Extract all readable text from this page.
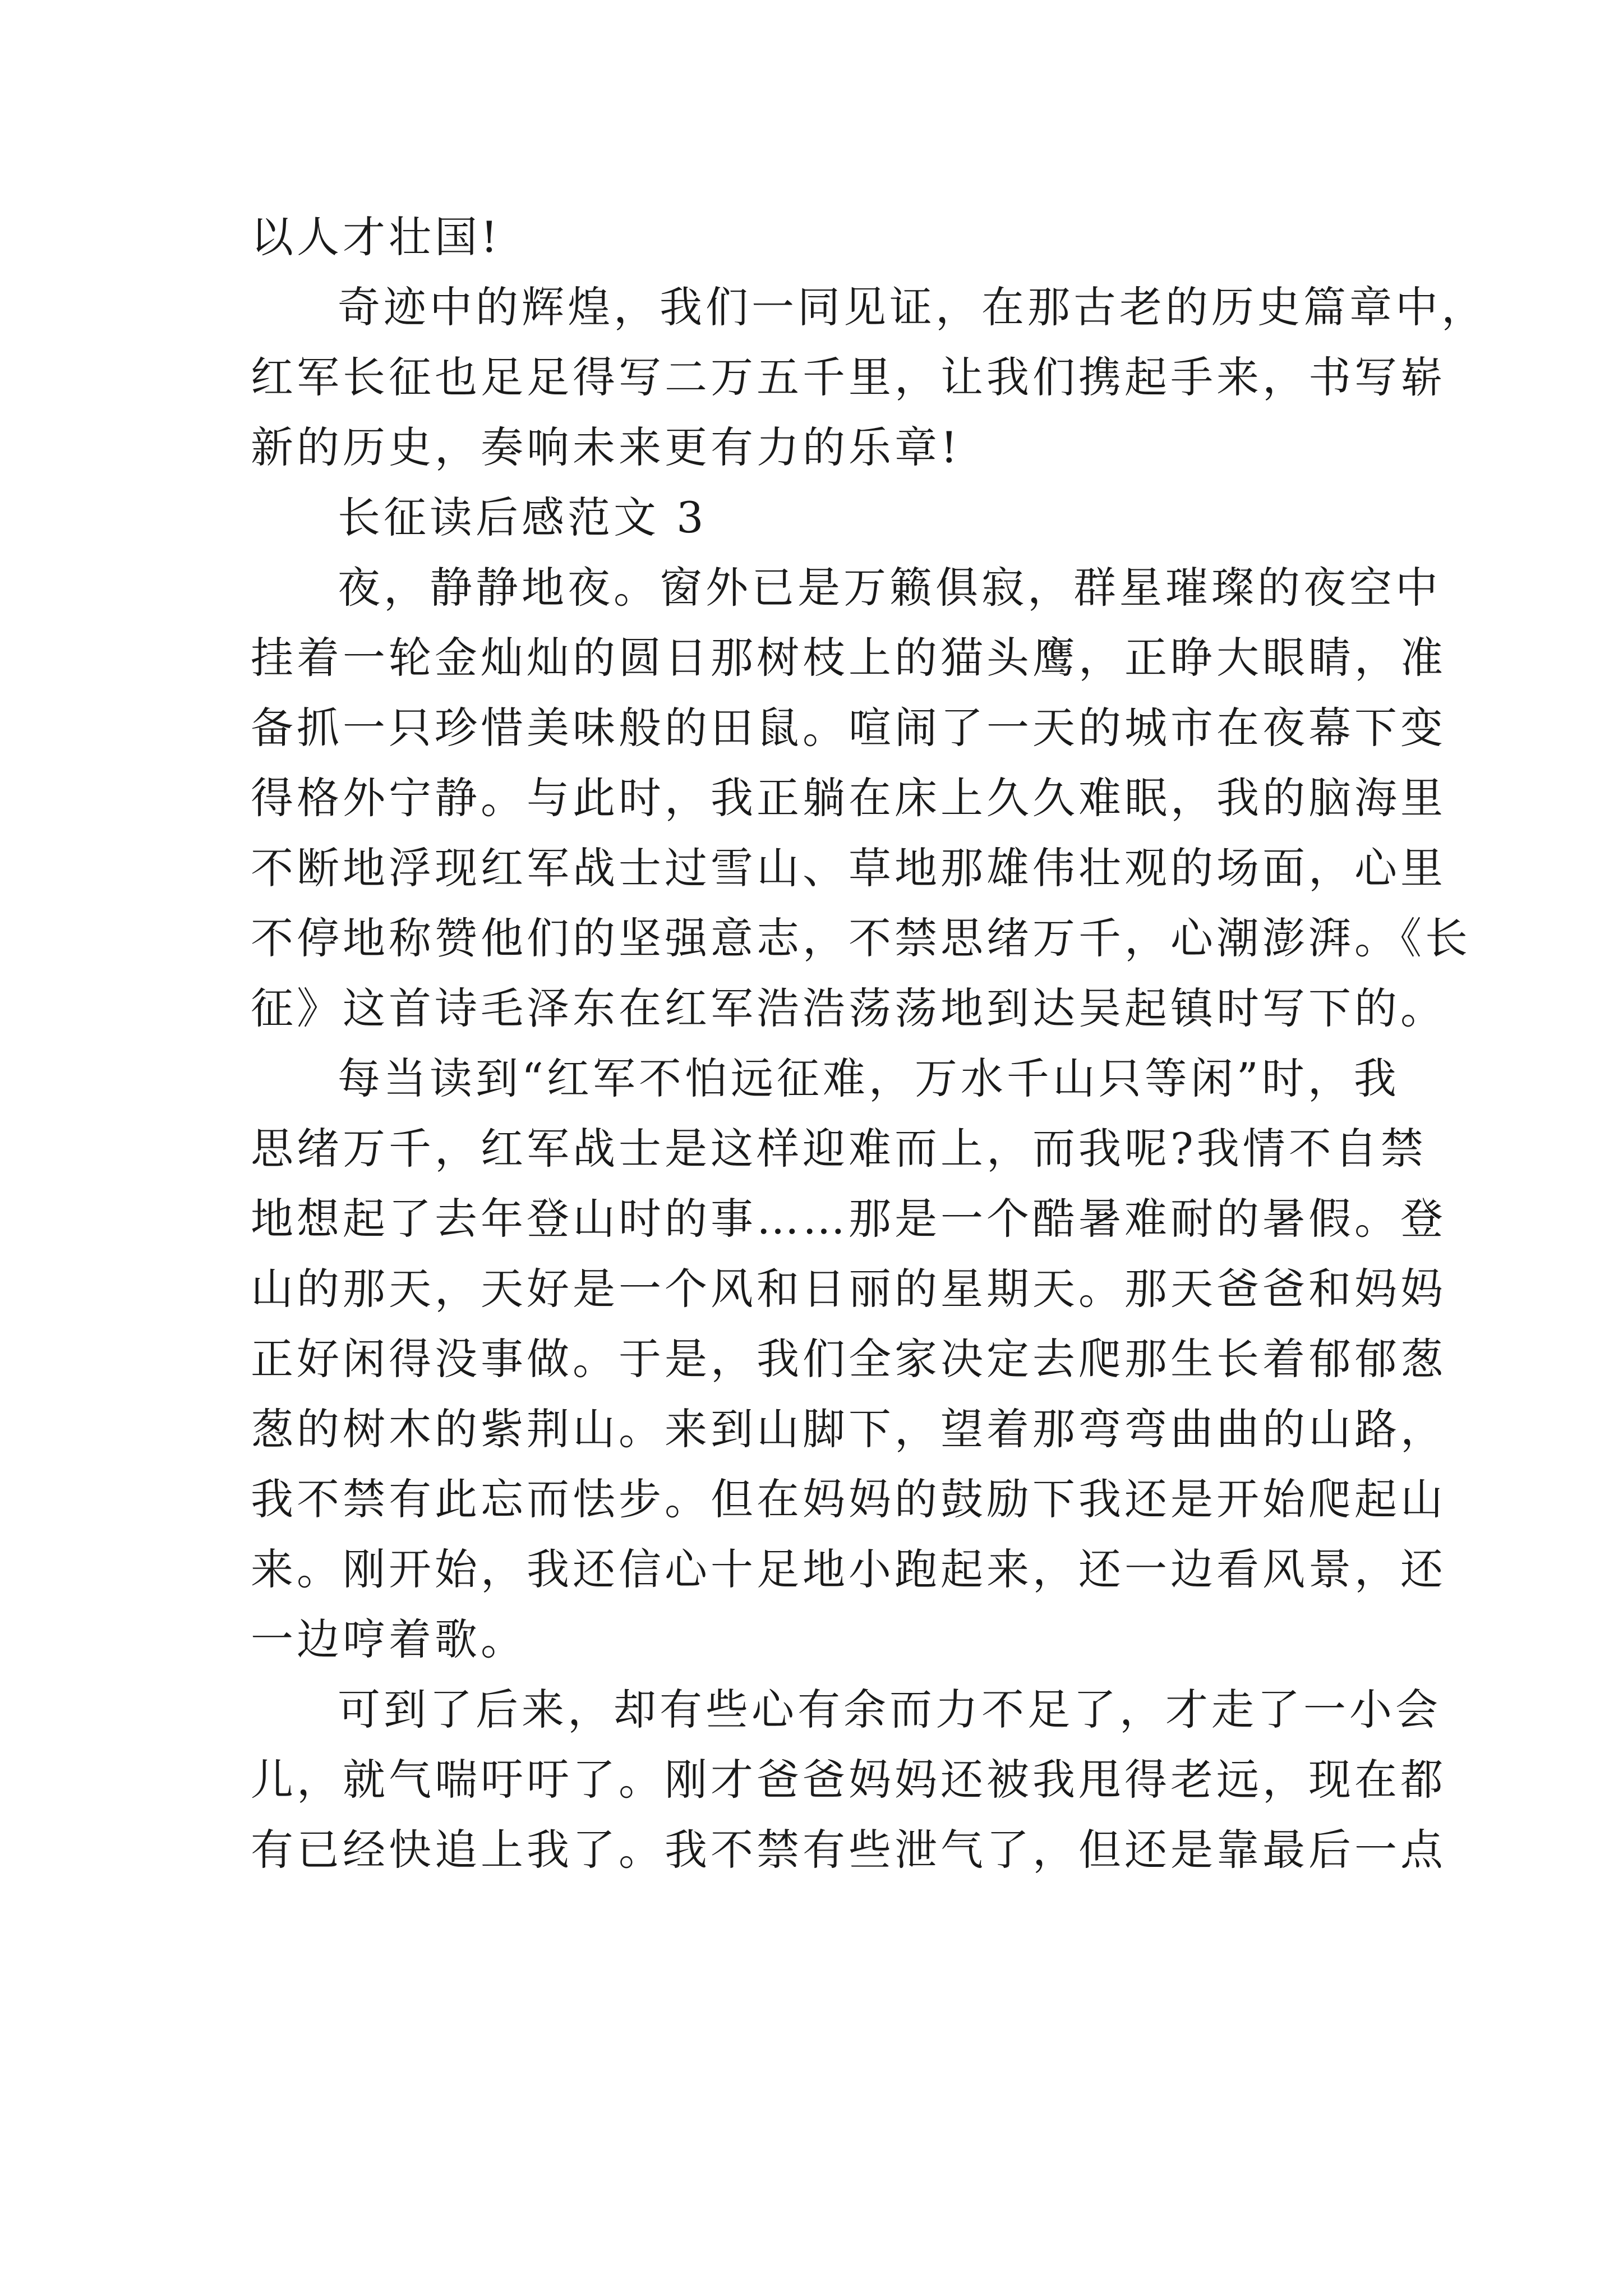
以人才壮国!
奇迹中的辉煌，我们一同见证，在那古老的历史篇章中，
红军长征也足足得写二万五千里，让我们携起手来，书写崭
新的历史，奏响未来更有力的乐章!
长征读后感范文 3
夜，静静地夜。窗外已是万籁俱寂，群星璀璨的夜空中
挂着一轮金灿灿的圆日那树枝上的猫头鹰，正睁大眼睛，准
备抓一只珍惜美味般的田鼠。喧闹了一天的城市在夜幕下变
得格外宁静。与此时，我正躺在床上久久难眠，我的脑海里
不断地浮现红军战士过雪山、草地那雄伟壮观的场面，心里
不停地称赞他们的坚强意志，不禁思绪万千，心潮澎湃。《长
征》这首诗毛泽东在红军浩浩荡荡地到达吴起镇时写下的。
每当读到“红军不怕远征难，万水千山只等闲”时，我
思绪万千，红军战士是这样迎难而上，而我呢?我情不自禁
地想起了去年登山时的事……那是一个酷暑难耐的暑假。登
山的那天，天好是一个风和日丽的星期天。那天爸爸和妈妈
正好闲得没事做。于是，我们全家决定去爬那生长着郁郁葱
葱的树木的紫荆山。来到山脚下，望着那弯弯曲曲的山路，
我不禁有此忘而怯步。但在妈妈的鼓励下我还是开始爬起山
来。刚开始，我还信心十足地小跑起来，还一边看风景，还
一边哼着歌。
可到了后来，却有些心有余而力不足了，才走了一小会
儿，就气喘吁吁了。刚才爸爸妈妈还被我甩得老远，现在都
有已经快追上我了。我不禁有些泄气了，但还是靠最后一点
